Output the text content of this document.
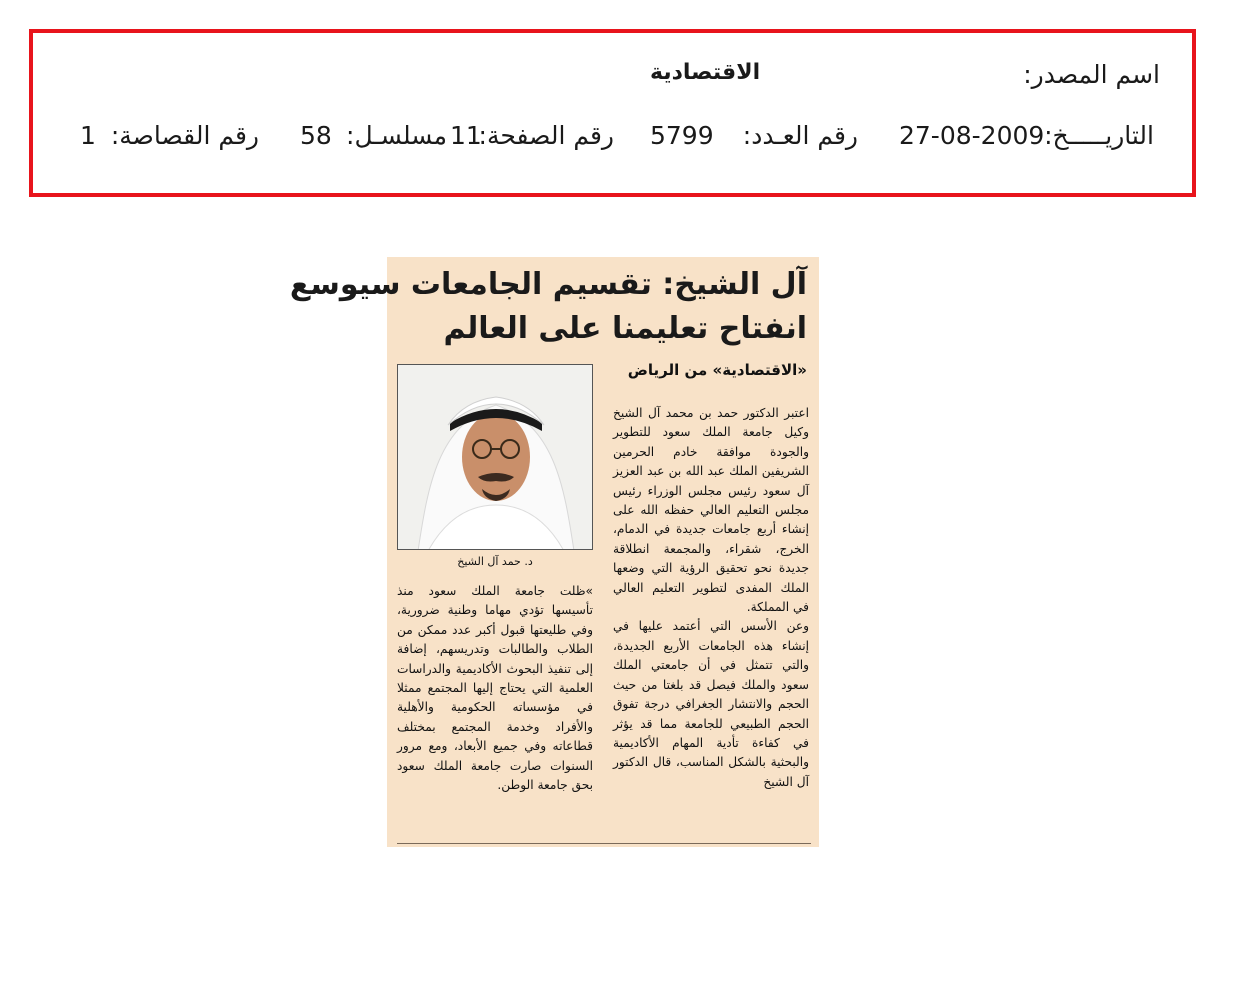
اسم المصدر:
الاقتصادية
التاريـــــخ:
27-08-2009
رقم العـدد:
5799
رقم الصفحة:
11
مسلسـل:
58
رقم القصاصة:
1
آل الشيخ: تقسيم الجامعات سيوسع
انفتاح تعليمنا على العالم
«الاقتصادية» من الرياض
د. حمد آل الشيخ

اعتبر الدكتور حمد بن محمد آل الشيخ وكيل جامعة الملك سعود للتطوير والجودة موافقة خادم الحرمين الشريفين الملك عبد الله بن عبد العزيز آل سعود رئيس مجلس الوزراء رئيس مجلس التعليم العالي حفظه الله على إنشاء أربع جامعات جديدة في الدمام، الخرج، شقراء، والمجمعة انطلاقة جديدة نحو تحقيق الرؤية التي وضعها الملك المفدى لتطوير التعليم العالي في المملكة.

وعن الأسس التي أعتمد عليها في إنشاء هذه الجامعات الأربع الجديدة، والتي تتمثل في أن جامعتي الملك سعود والملك فيصل قد بلغتا من حيث الحجم والانتشار الجغرافي درجة تفوق الحجم الطبيعي للجامعة مما قد يؤثر في كفاءة تأدية المهام الأكاديمية والبحثية بالشكل المناسب، قال الدكتور آل الشيخ

»ظلت جامعة الملك سعود منذ تأسيسها تؤدي مهاما وطنية ضرورية، وفي طليعتها قبول أكبر عدد ممكن من الطلاب والطالبات وتدريسهم، إضافة إلى تنفيذ البحوث الأكاديمية والدراسات العلمية التي يحتاج إليها المجتمع ممثلا في مؤسساته الحكومية والأهلية والأفراد وخدمة المجتمع بمختلف قطاعاته وفي جميع الأبعاد، ومع مرور السنوات صارت جامعة الملك سعود بحق جامعة الوطن.
